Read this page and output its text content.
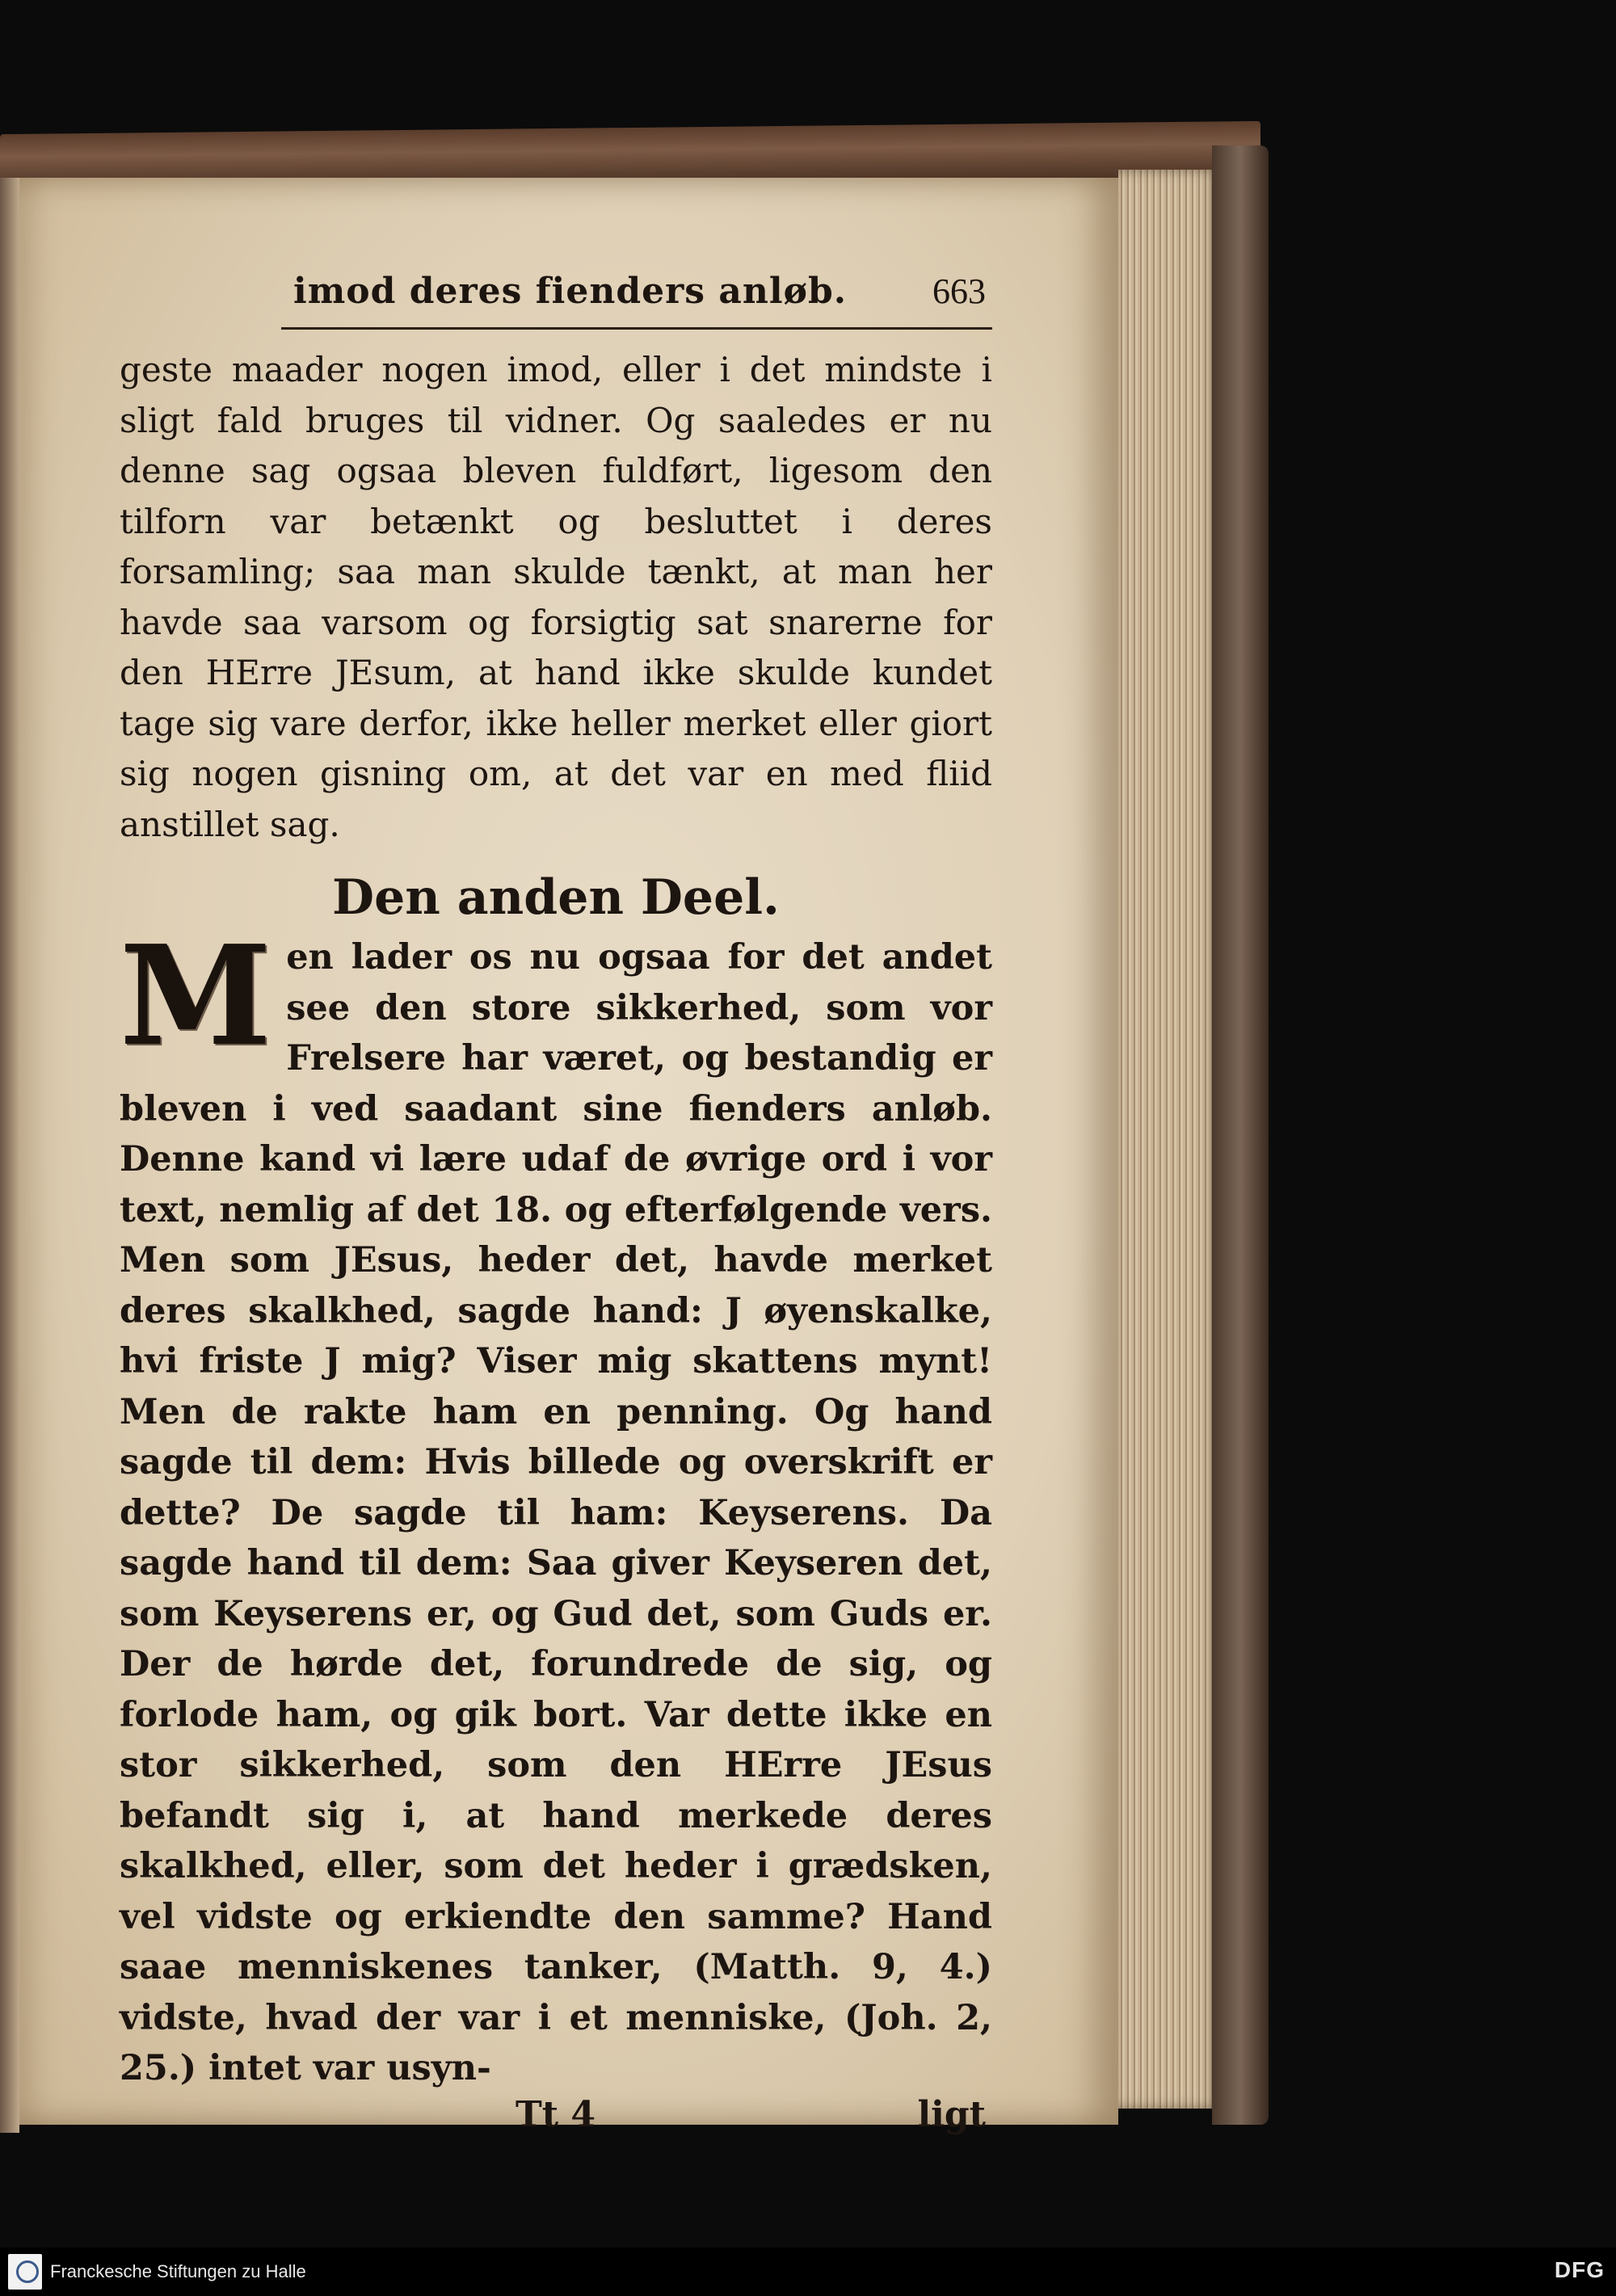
imod deres fienders anløb. 663

geste maader nogen imod, eller i det mindste i sligt fald bruges til vidner. Og saaledes er nu denne sag ogsaa bleven fuldført, ligesom den tilforn var betænkt og besluttet i deres forsamling; saa man skulde tænkt, at man her havde saa varsom og forsigtig sat snarerne for den HErre JEsum, at hand ikke skulde kundet tage sig vare derfor, ikke heller merket eller giort sig nogen gisning om, at det var en med fliid anstillet sag.

Den anden Deel.
M en lader os nu ogsaa for det andet see den store sikkerhed, som vor Frelsere har været, og bestandig er bleven i ved saadant sine fienders anløb. Denne kand vi lære udaf de øvrige ord i vor text, nemlig af det 18. og efterfølgende vers. Men som JEsus, heder det, havde merket deres skalkhed, sagde hand: J øyenskalke, hvi friste J mig? Viser mig skattens mynt! Men de rakte ham en penning. Og hand sagde til dem: Hvis billede og overskrift er dette? De sagde til ham: Keyserens. Da sagde hand til dem: Saa giver Keyseren det, som Keyserens er, og Gud det, som Guds er. Der de hørde det, forundrede de sig, og forlode ham, og gik bort. Var dette ikke en stor sikkerhed, som den HErre JEsus befandt sig i, at hand merkede deres skalkhed, eller, som det heder i grædsken, vel vidste og erkiendte den samme? Hand saae menniskenes tanker, (Matth. 9, 4.) vidste, hvad der var i et menniske, (Joh. 2, 25.) intet var usyn-
Tt 4	ligt
Franckesche Stiftungen zu Halle	DFG
